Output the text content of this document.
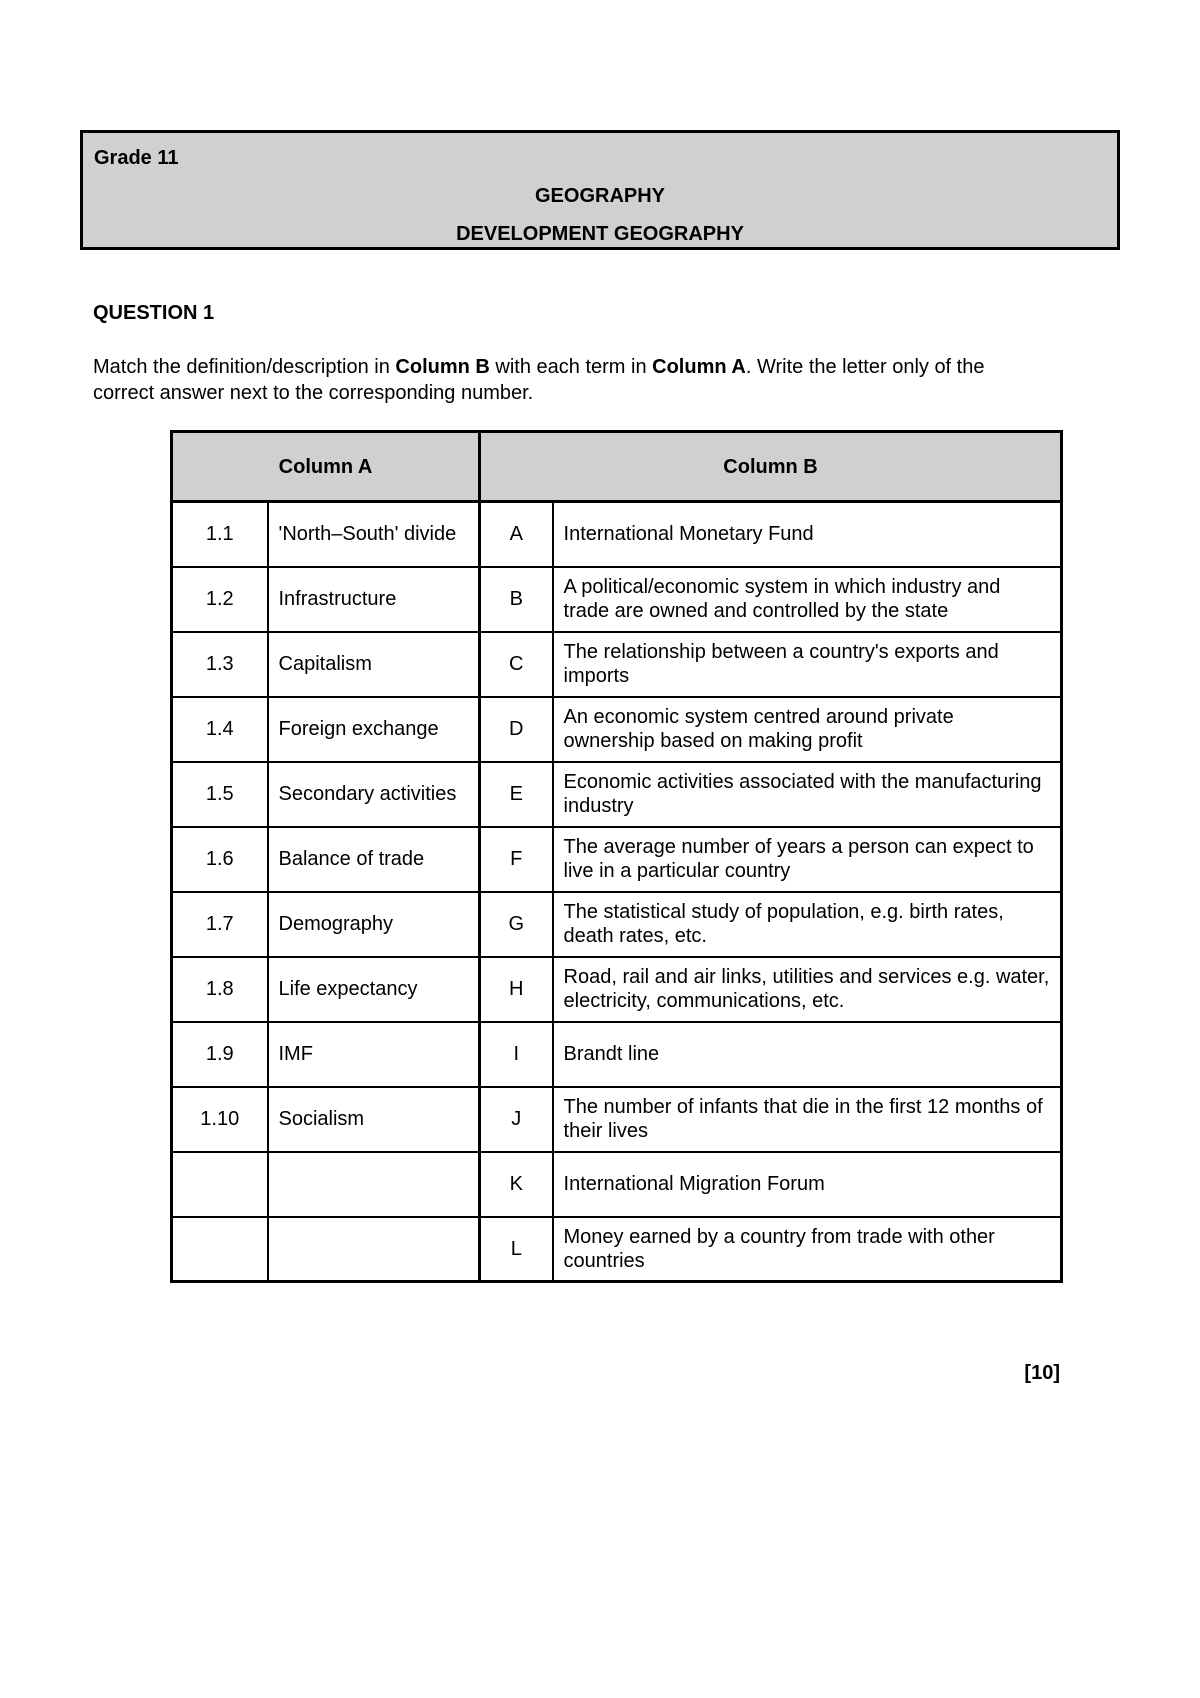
Grade 11
GEOGRAPHY
DEVELOPMENT GEOGRAPHY
QUESTION 1
Match the definition/description in Column B with each term in Column A. Write the letter only of the correct answer next to the corresponding number.
Column A		Column B	
1.1	'North–South' divide	A	International Monetary Fund
1.2	Infrastructure	B	A political/economic system in which industry and trade are owned and controlled by the state
1.3	Capitalism	C	The relationship between a country's exports and imports
1.4	Foreign exchange	D	An economic system centred around private ownership based on making profit
1.5	Secondary activities	E	Economic activities associated with the manufacturing industry
1.6	Balance of trade	F	The average number of years a person can expect to live in a particular country
1.7	Demography	G	The statistical study of population, e.g. birth rates, death rates, etc.
1.8	Life expectancy	H	Road, rail and air links, utilities and services e.g. water, electricity, communications, etc.
1.9	IMF	I	Brandt line
1.10	Socialism	J	The number of infants that die in the first 12 months of their lives
		K	International Migration Forum
		L	Money earned by a country from trade with other countries
[10]
